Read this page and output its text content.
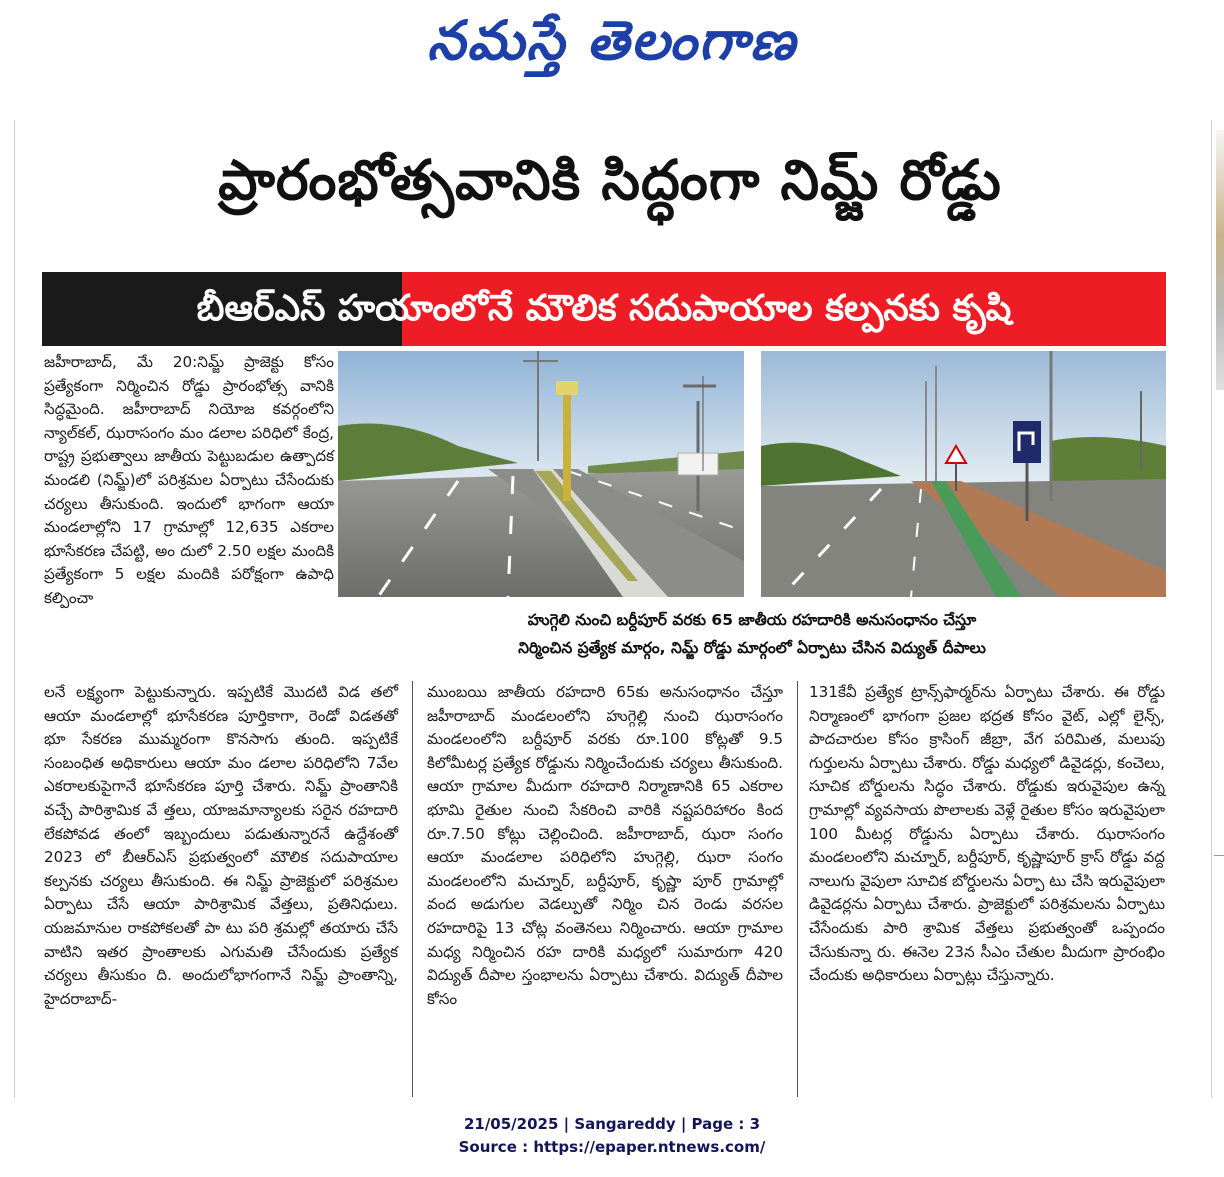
నమస్తే తెలంగాణ
ప్రారంభోత్సవానికి సిద్ధంగా నిమ్జ్ రోడ్డు
బీఆర్ఎస్ హయాంలోనే మౌలిక సదుపాయాల కల్పనకు కృషి

జహీరాబాద్, మే 20:నిమ్జ్ ప్రాజెక్టు కోసం ప్రత్యేకంగా నిర్మించిన రోడ్డు ప్రారంభోత్స వానికి సిద్ధమైంది. జహీరాబాద్ నియోజ కవర్గంలోని న్యాల్‌కల్, ఝరాసంగం మం డలాల పరిధిలో కేంద్ర, రాష్ట్ర ప్రభుత్వాలు జాతీయ పెట్టుబడుల ఉత్పాదక మండలి (నిమ్జ్)లో పరిశ్రమల ఏర్పాటు చేసేందుకు చర్యలు తీసుకుంది. ఇందులో భాగంగా ఆయా మండలాల్లోని 17 గ్రామాల్లో 12,635 ఎకరాల భూసేకరణ చేపట్టి, అం దులో 2.50 లక్షల మందికి ప్రత్యేకంగా 5 లక్షల మందికి పరోక్షంగా ఉపాధి కల్పించా

హుగ్గెలి నుంచి బర్దీపూర్ వరకు 65 జాతీయ రహదారికి అనుసంధానం చేస్తూ
నిర్మించిన ప్రత్యేక మార్గం, నిమ్జ్ రోడ్డు మార్గంలో ఏర్పాటు చేసిన విద్యుత్ దీపాలు

లనే లక్ష్యంగా పెట్టుకున్నారు. ఇప్పటికే మొదటి విడ తలో ఆయా మండలాల్లో భూసేకరణ పూర్తికాగా, రెండో విడతతో భూ సేకరణ ముమ్మరంగా కొనసాగు తుంది. ఇప్పటికే సంబంధిత అధికారులు ఆయా మం డలాల పరిధిలోని 7వేల ఎకరాలకుపైగానే భూసేకరణ పూర్తి చేశారు. నిమ్జ్ ప్రాంతానికి వచ్చే పారిశ్రామిక వే త్తలు, యాజమాన్యాలకు సరైన రహదారి లేకపోవడ తంలో ఇబ్బందులు పడుతున్నారనే ఉద్దేశంతో 2023 లో బీఆర్ఎస్ ప్రభుత్వంలో మౌలిక సదుపాయాల కల్పనకు చర్యలు తీసుకుంది. ఈ నిమ్జ్ ప్రాజెక్టులో పరిశ్రమల ఏర్పాటు చేసే ఆయా పారిశ్రామిక వేత్తలు, ప్రతినిధులు. యజమానుల రాకపోకలతో పా టు పరి శ్రమల్లో తయారు చేసే వాటిని ఇతర ప్రాంతాలకు ఎగుమతి చేసేందుకు ప్రత్యేక చర్యలు తీసుకుం ది. అందులోభాగంగానే నిమ్జ్ ప్రాంతాన్ని, హైదరాబాద్-

ముంబయి జాతీయ రహదారి 65కు అనుసంధానం చేస్తూ జహీరాబాద్ మండలంలోని హుగ్గెల్లి నుంచి ఝరాసంగం మండలంలోని బర్దీపూర్ వరకు రూ.100 కోట్లతో 9.5 కిలోమీటర్ల ప్రత్యేక రోడ్డును నిర్మించేందుకు చర్యలు తీసుకుంది. ఆయా గ్రామాల మీదుగా రహదారి నిర్మాణానికి 65 ఎకరాల భూమి రైతుల నుంచి సేకరించి వారికి నష్టపరిహారం కింద రూ.7.50 కోట్లు చెల్లించింది. జహీరాబాద్, ఝరా సంగం ఆయా మండలాల పరిధిలోని హుగ్గెల్లి, ఝరా సంగం మండలంలోని మచ్నూర్, బర్దీపూర్, కృష్ణా పూర్ గ్రామాల్లో వంద అడుగుల వెడల్పుతో నిర్మిం చిన రెండు వరసల రహదారిపై 13 చోట్ల వంతెనలు నిర్మించారు. ఆయా గ్రామాల మధ్య నిర్మించిన రహ దారికి మధ్యలో సుమారుగా 420 విద్యుత్ దీపాల స్తంభాలను ఏర్పాటు చేశారు. విద్యుత్ దీపాల కోసం

131కేవీ ప్రత్యేక ట్రాన్స్‌ఫార్మర్‌ను ఏర్పాటు చేశారు. ఈ రోడ్డు నిర్మాణంలో భాగంగా ప్రజల భద్రత కోసం వైట్, ఎల్లో లైన్స్, పాదచారుల కోసం క్రాసింగ్ జీబ్రా, వేగ పరిమిత, మలుపు గుర్తులను ఏర్పాటు చేశారు. రోడ్డు మధ్యలో డివైడర్లు, కంచెలు, సూచిక బోర్డులను సిద్ధం చేశారు. రోడ్డుకు ఇరువైపుల ఉన్న గ్రామాల్లో వ్యవసాయ పొలాలకు వెళ్లే రైతుల కోసం ఇరువైపులా 100 మీటర్ల రోడ్డును ఏర్పాటు చేశారు. ఝరాసంగం మండలంలోని మచ్నూర్, బర్దీపూర్, కృష్ణాపూర్ క్రాస్ రోడ్డు వద్ద నాలుగు వైపులా సూచిక బోర్డులను ఏర్పా టు చేసి ఇరువైపులా డివైడర్లను ఏర్పాటు చేశారు. ప్రాజెక్టులో పరిశ్రమలను ఏర్పాటు చేసేందుకు పారి శ్రామిక వేత్తలు ప్రభుత్వంతో ఒప్పందం చేసుకున్నా రు. ఈనెల 23న సీఎం చేతుల మీదుగా ప్రారంభిం చేందుకు అధికారులు ఏర్పాట్లు చేస్తున్నారు.

21/05/2025 | Sangareddy | Page : 3
Source : https://epaper.ntnews.com/
